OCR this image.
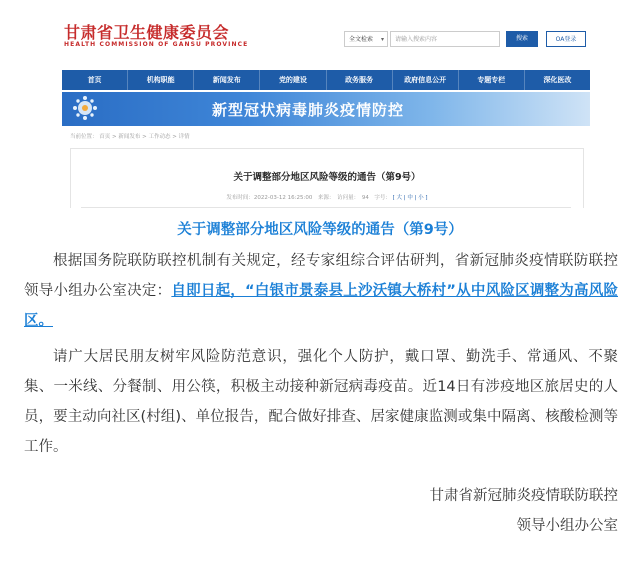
甘肃省卫生健康委员会
HEALTH COMMISSION OF GANSU PROVINCE
全文检索 ▾	请输入搜索内容	搜索	OA登录
首页	机构职能	新闻发布	党的建设	政务服务	政府信息公开	专题专栏	深化医改
新型冠状病毒肺炎疫情防控
当前位置： 首页 > 新闻发布 > 工作动态 > 详情
关于调整部分地区风险等级的通告（第9号）
发布时间：2022-03-12 16:25:00　来源：　访问量：　94　字号： [ 大 | 中 | 小 ]
关于调整部分地区风险等级的通告（第9号）

根据国务院联防联控机制有关规定，经专家组综合评估研判，省新冠肺炎疫情联防联控领导小组办公室决定：自即日起，“白银市景泰县上沙沃镇大桥村”从中风险区调整为高风险区。

请广大居民朋友树牢风险防范意识，强化个人防护，戴口罩、勤洗手、常通风、不聚集、一米线、分餐制、用公筷，积极主动接种新冠病毒疫苗。近14日有涉疫地区旅居史的人员，要主动向社区(村组)、单位报告，配合做好排查、居家健康监测或集中隔离、核酸检测等工作。

甘肃省新冠肺炎疫情联防联控
领导小组办公室
